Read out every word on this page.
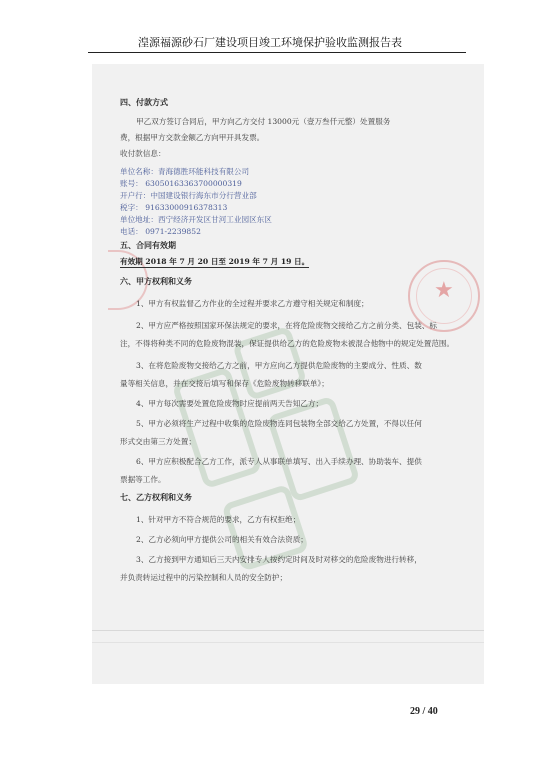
湟源福源砂石厂建设项目竣工环境保护验收监测报告表
★
四、付款方式
甲乙双方签订合同后，甲方向乙方交付 13000元（壹万叁仟元整）处置服务
费，根据甲方交款金额乙方向甲开具发票。
收付款信息：
单位名称：青海德胜环能科技有限公司
账号： 63050163363700000319
开户行：中国建设银行海东市分行营业部
税字： 91633000916378313
单位地址：西宁经济开发区甘河工业园区东区
电话： 0971-2239852
五、合同有效期
有效期 2018 年 7 月 20 日至 2019 年 7 月 19 日。
六、甲方权利和义务
1、甲方有权监督乙方作业的全过程并要求乙方遵守相关规定和制度；
2、甲方应严格按照国家环保法规定的要求，在将危险废物交接给乙方之前分类、包装、标
注，不得将种类不同的危险废物混装，保证提供给乙方的危险废物未被混合他物中的规定处置范围。
3、在将危险废物交接给乙方之前，甲方应向乙方提供危险废物的主要成分、性质、数
量等相关信息，并在交接后填写和保存《危险废物转移联单》；
4、甲方每次需要处置危险废物时应提前两天告知乙方；
5、甲方必须将生产过程中收集的危险废物连同包装物全部交给乙方处置，不得以任何
形式交由第三方处置；
6、甲方应积极配合乙方工作，派专人从事联单填写、出入手续办理、协助装车、提供
票据等工作。
七、乙方权利和义务
1、针对甲方不符合规范的要求，乙方有权拒绝；
2、乙方必须向甲方提供公司的相关有效合法资质；
3、乙方接到甲方通知后三天内安排专人按约定时间及时对移交的危险废物进行转移，
并负责转运过程中的污染控制和人员的安全防护；
29 / 40
